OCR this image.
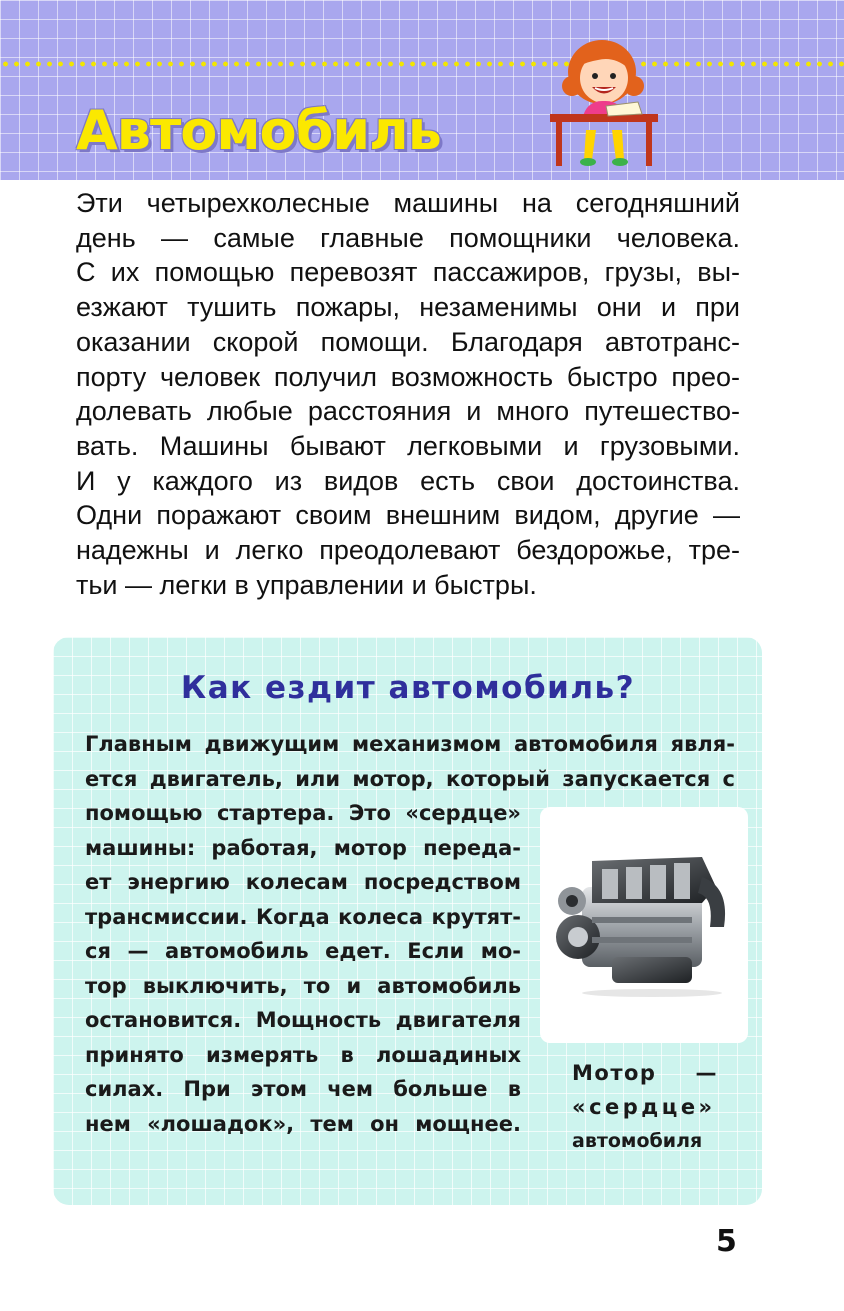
Автомобиль
Эти четырехколесные машины на сегодняшний
день — самые главные помощники человека.
С их помощью перевозят пассажиров, грузы, вы-
езжают тушить пожары, незаменимы они и при
оказании скорой помощи. Благодаря автотранс-
порту человек получил возможность быстро прео-
долевать любые расстояния и много путешество-
вать. Машины бывают легковыми и грузовыми.
И у каждого из видов есть свои достоинства.
Одни поражают своим внешним видом, другие —
надежны и легко преодолевают бездорожье, тре-
тьи — легки в управлении и быстры.
Как ездит автомобиль?
Главным движущим механизмом автомобиля явля-
ется двигатель, или мотор, который запускается с
помощью стартера. Это «сердце»
машины: работая, мотор переда-
ет энергию колесам посредством
трансмиссии. Когда колеса крутят-
ся — автомобиль едет. Если мо-
тор выключить, то и автомобиль
остановится. Мощность двигателя
принято измерять в лошадиных
силах. При этом чем больше в
нем «лошадок», тем он мощнее.
Мотор —
«сердце»
автомобиля

5
